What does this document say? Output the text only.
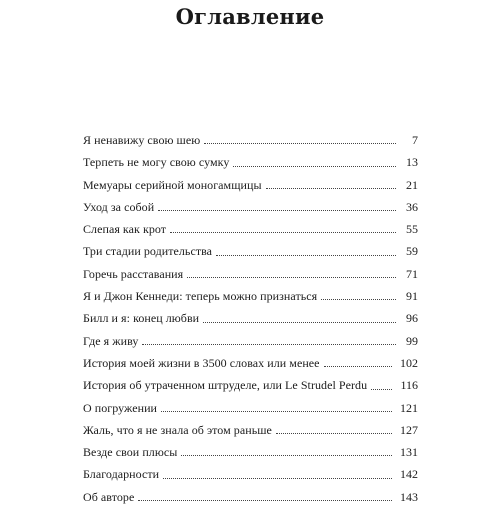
Оглавление
Я ненавижу свою шею	7
Терпеть не могу свою сумку	13
Мемуары серийной моногамщицы	21
Уход за собой	36
Слепая как крот	55
Три стадии родительства	59
Горечь расставания	71
Я и Джон Кеннеди: теперь можно признаться	91
Билл и я: конец любви	96
Где я живу	99
История моей жизни в 3500 словах или менее	102
История об утраченном штруделе, или Le Strudel Perdu	116
О погружении	121
Жаль, что я не знала об этом раньше	127
Везде свои плюсы	131
Благодарности	142
Об авторе	143
